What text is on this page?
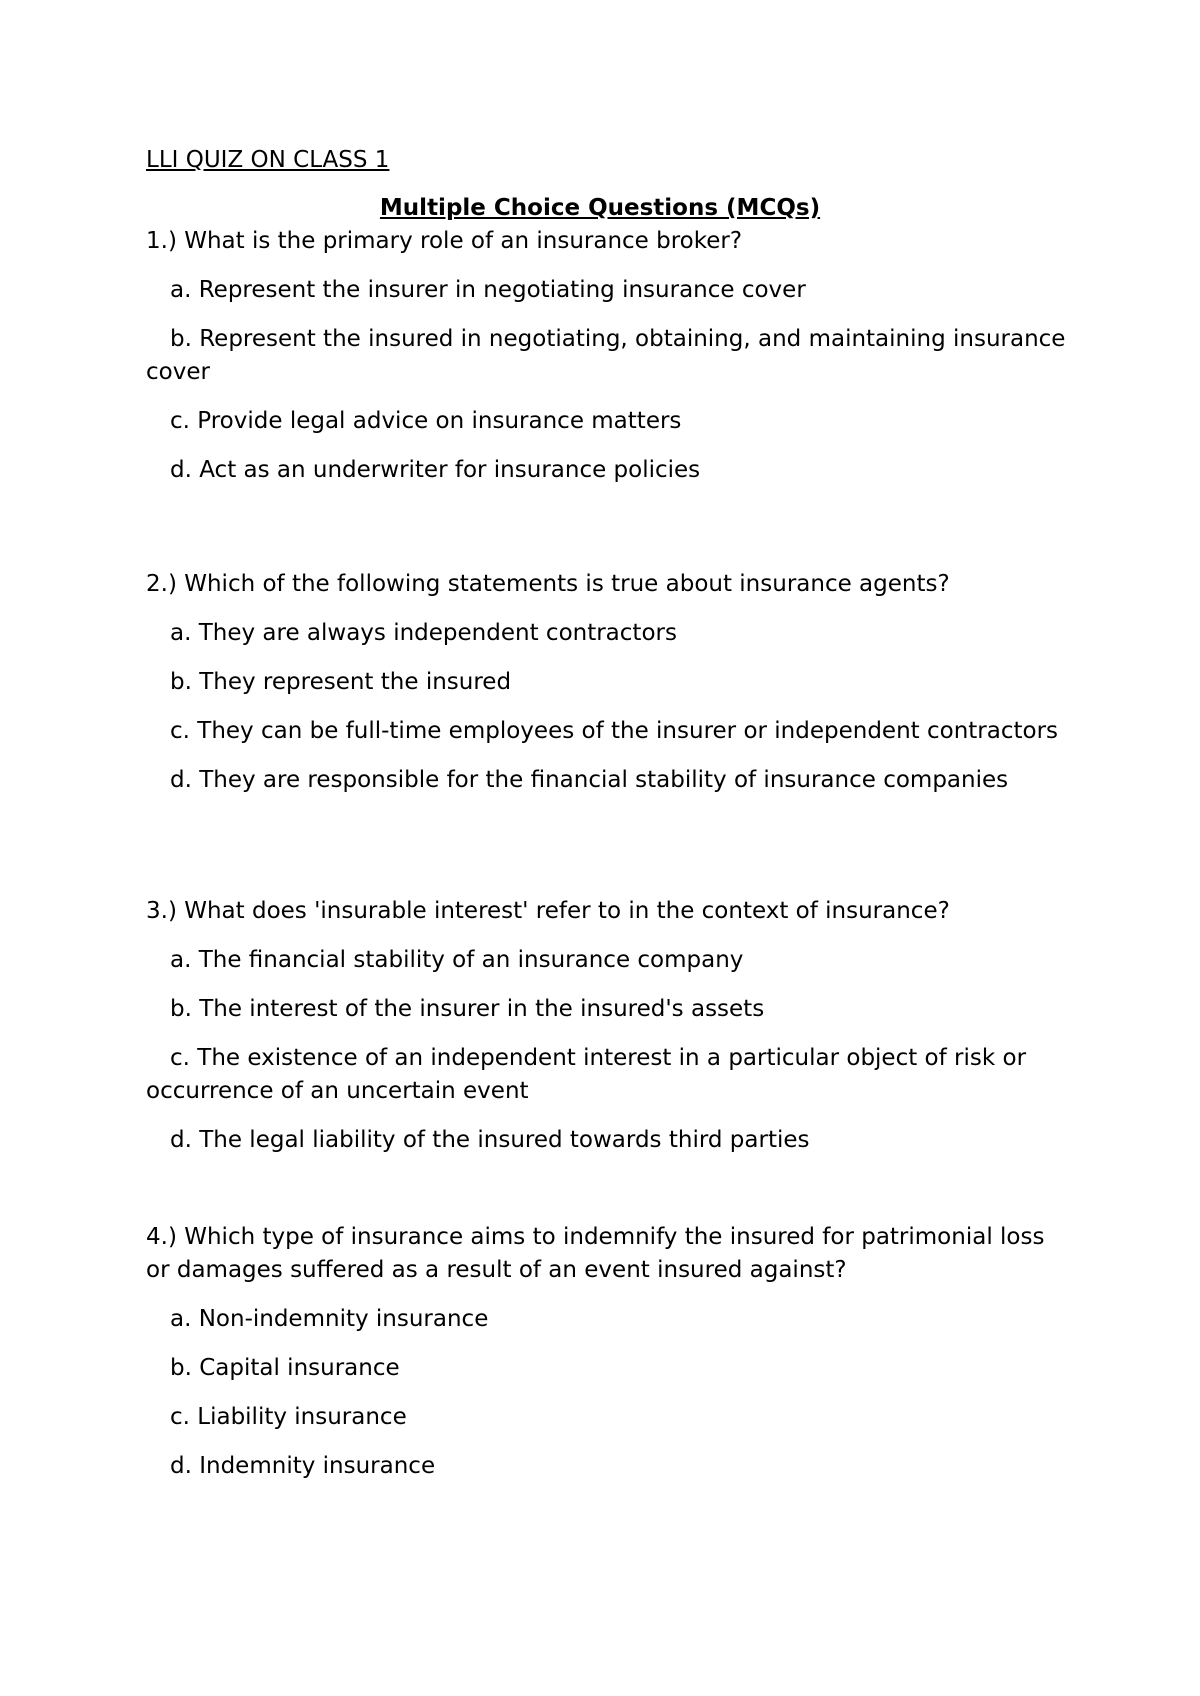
LLI QUIZ ON CLASS 1
Multiple Choice Questions (MCQs)

1.) What is the primary role of an insurance broker?

a. Represent the insurer in negotiating insurance cover
b. Represent the insured in negotiating, obtaining, and maintaining insurance cover
c. Provide legal advice on insurance matters
d. Act as an underwriter for insurance policies

2.) Which of the following statements is true about insurance agents?

a. They are always independent contractors
b. They represent the insured
c. They can be full-time employees of the insurer or independent contractors
d. They are responsible for the financial stability of insurance companies

3.) What does 'insurable interest' refer to in the context of insurance?

a. The financial stability of an insurance company
b. The interest of the insurer in the insured's assets
c. The existence of an independent interest in a particular object of risk or occurrence of an uncertain event
d. The legal liability of the insured towards third parties

4.) Which type of insurance aims to indemnify the insured for patrimonial loss or damages suffered as a result of an event insured against?

a. Non-indemnity insurance
b. Capital insurance
c. Liability insurance
d. Indemnity insurance
